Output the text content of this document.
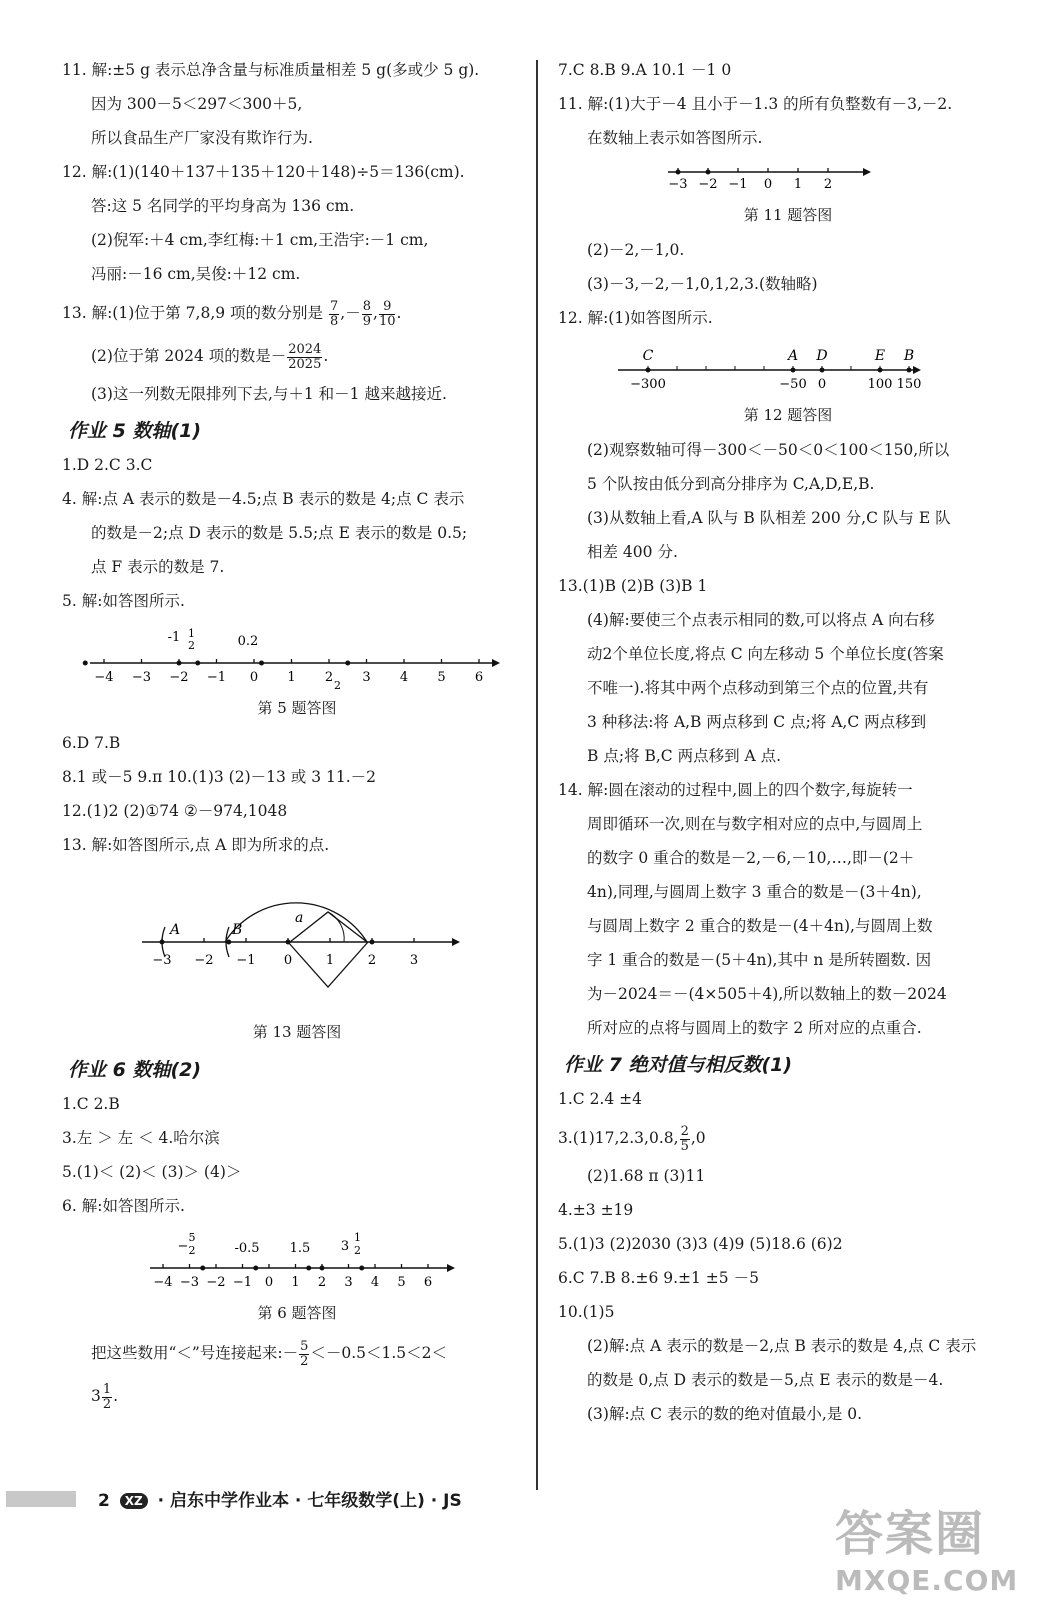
11. 解:±5 g 表示总净含量与标准质量相差 5 g(多或少 5 g).
因为 300－5＜297＜300＋5,
所以食品生产厂家没有欺诈行为.
12. 解:(1)(140＋137＋135＋120＋148)÷5＝136(cm).
答:这 5 名同学的平均身高为 136 cm.
(2)倪军:＋4 cm,李红梅:＋1 cm,王浩宇:－1 cm,
冯丽:－16 cm,吴俊:＋12 cm.
13. 解:(1)位于第 7,8,9 项的数分别是 $\frac{7}{8}$ ,－ $\frac{8}{9}$ , $\frac{9}{10}$ .
(2)位于第 2024 项的数是－ $\frac{2024}{2025}$ .
(3)这一列数无限排列下去,与＋1 和－1 越来越接近.
作业 5 数轴(1)
1.D 2.C 3.C
4. 解:点 A 表示的数是－4.5;点 B 表示的数是 4;点 C 表示
的数是－2;点 D 表示的数是 5.5;点 E 表示的数是 0.5;
点 F 表示的数是 7.
5. 解:如答图所示.
−4 −3 −2 −1 0 1 2 3 4 5 6
-1 1
2	0.2
2
第 5 题答图
6.D 7.B
8.1 或－5 9.π 10.(1)3 (2)－13 或 3 11.－2
12.(1)2 (2)①74 ②－974,1048
13. 解:如答图所示,点 A 即为所求的点.
−3 −2 −1 0	1	2	3
A	B
a
第 13 题答图
作业 6 数轴(2)
1.C 2.B
3.左 ＞ 左 ＜ 4.哈尔滨
5.(1)＜ (2)＜ (3)＞ (4)＞
6. 解:如答图所示.
−4 −3 −2 −1 0 1 2 3 4 5 6
5
2
−	-0.5 1.5 3
1
2
第 6 题答图
把这些数用“＜”号连接起来:－ $\frac{5}{2} <-0.5<1.5<2<$
$3 \frac{1}{2}$ .
7.C 8.B 9.A 10.1 －1 0
11. 解:(1)大于－4 且小于－1.3 的所有负整数有－3,－2.
在数轴上表示如答图所示.
−3 −2 −1 0 1 2
第 11 题答图
(2)－2,－1,0.
(3)－3,－2,－1,0,1,2,3.(数轴略)
12. 解:(1)如答图所示.
C
−300
A
−50
D
0
E
100
B
150
第 12 题答图
(2)观察数轴可得－300＜－50＜0＜100＜150,所以
5 个队按由低分到高分排序为 C,A,D,E,B.
(3)从数轴上看,A 队与 B 队相差 200 分,C 队与 E 队
相差 400 分.
13.(1)B (2)B (3)B 1
(4)解:要使三个点表示相同的数,可以将点 A 向右移
动2个单位长度,将点 C 向左移动 5 个单位长度(答案
不唯一).将其中两个点移动到第三个点的位置,共有
3 种移法:将 A,B 两点移到 C 点;将 A,C 两点移到
B 点;将 B,C 两点移到 A 点.
14. 解:圆在滚动的过程中,圆上的四个数字,每旋转一
周即循环一次,则在与数字相对应的点中,与圆周上
的数字 0 重合的数是－2,－6,－10,…,即－(2＋
4n),同理,与圆周上数字 3 重合的数是－(3＋4n),
与圆周上数字 2 重合的数是－(4＋4n),与圆周上数
字 1 重合的数是－(5＋4n),其中 n 是所转圈数. 因
为－2024＝－(4×505＋4),所以数轴上的数－2024
所对应的点将与圆周上的数字 2 所对应的点重合.
作业 7 绝对值与相反数(1)
1.C 2.4 ±4
3.(1)17,2.3,0.8, $\frac{2}{5} ,0$
(2)1.68 π (3)11
4.±3 ±19
5.(1)3 (2)2030 (3)3 (4)9 (5)18.6 (6)2
6.C 7.B 8.±6 9.±1 ±5 －5
10.(1)5
(2)解:点 A 表示的数是－2,点 B 表示的数是 4,点 C 表示
的数是 0,点 D 表示的数是－5,点 E 表示的数是－4.
(3)解:点 C 表示的数的绝对值最小,是 0.
2 XZ · 启东中学作业本 · 七年级数学(上) · JS
答案圈
MXQE.COM
